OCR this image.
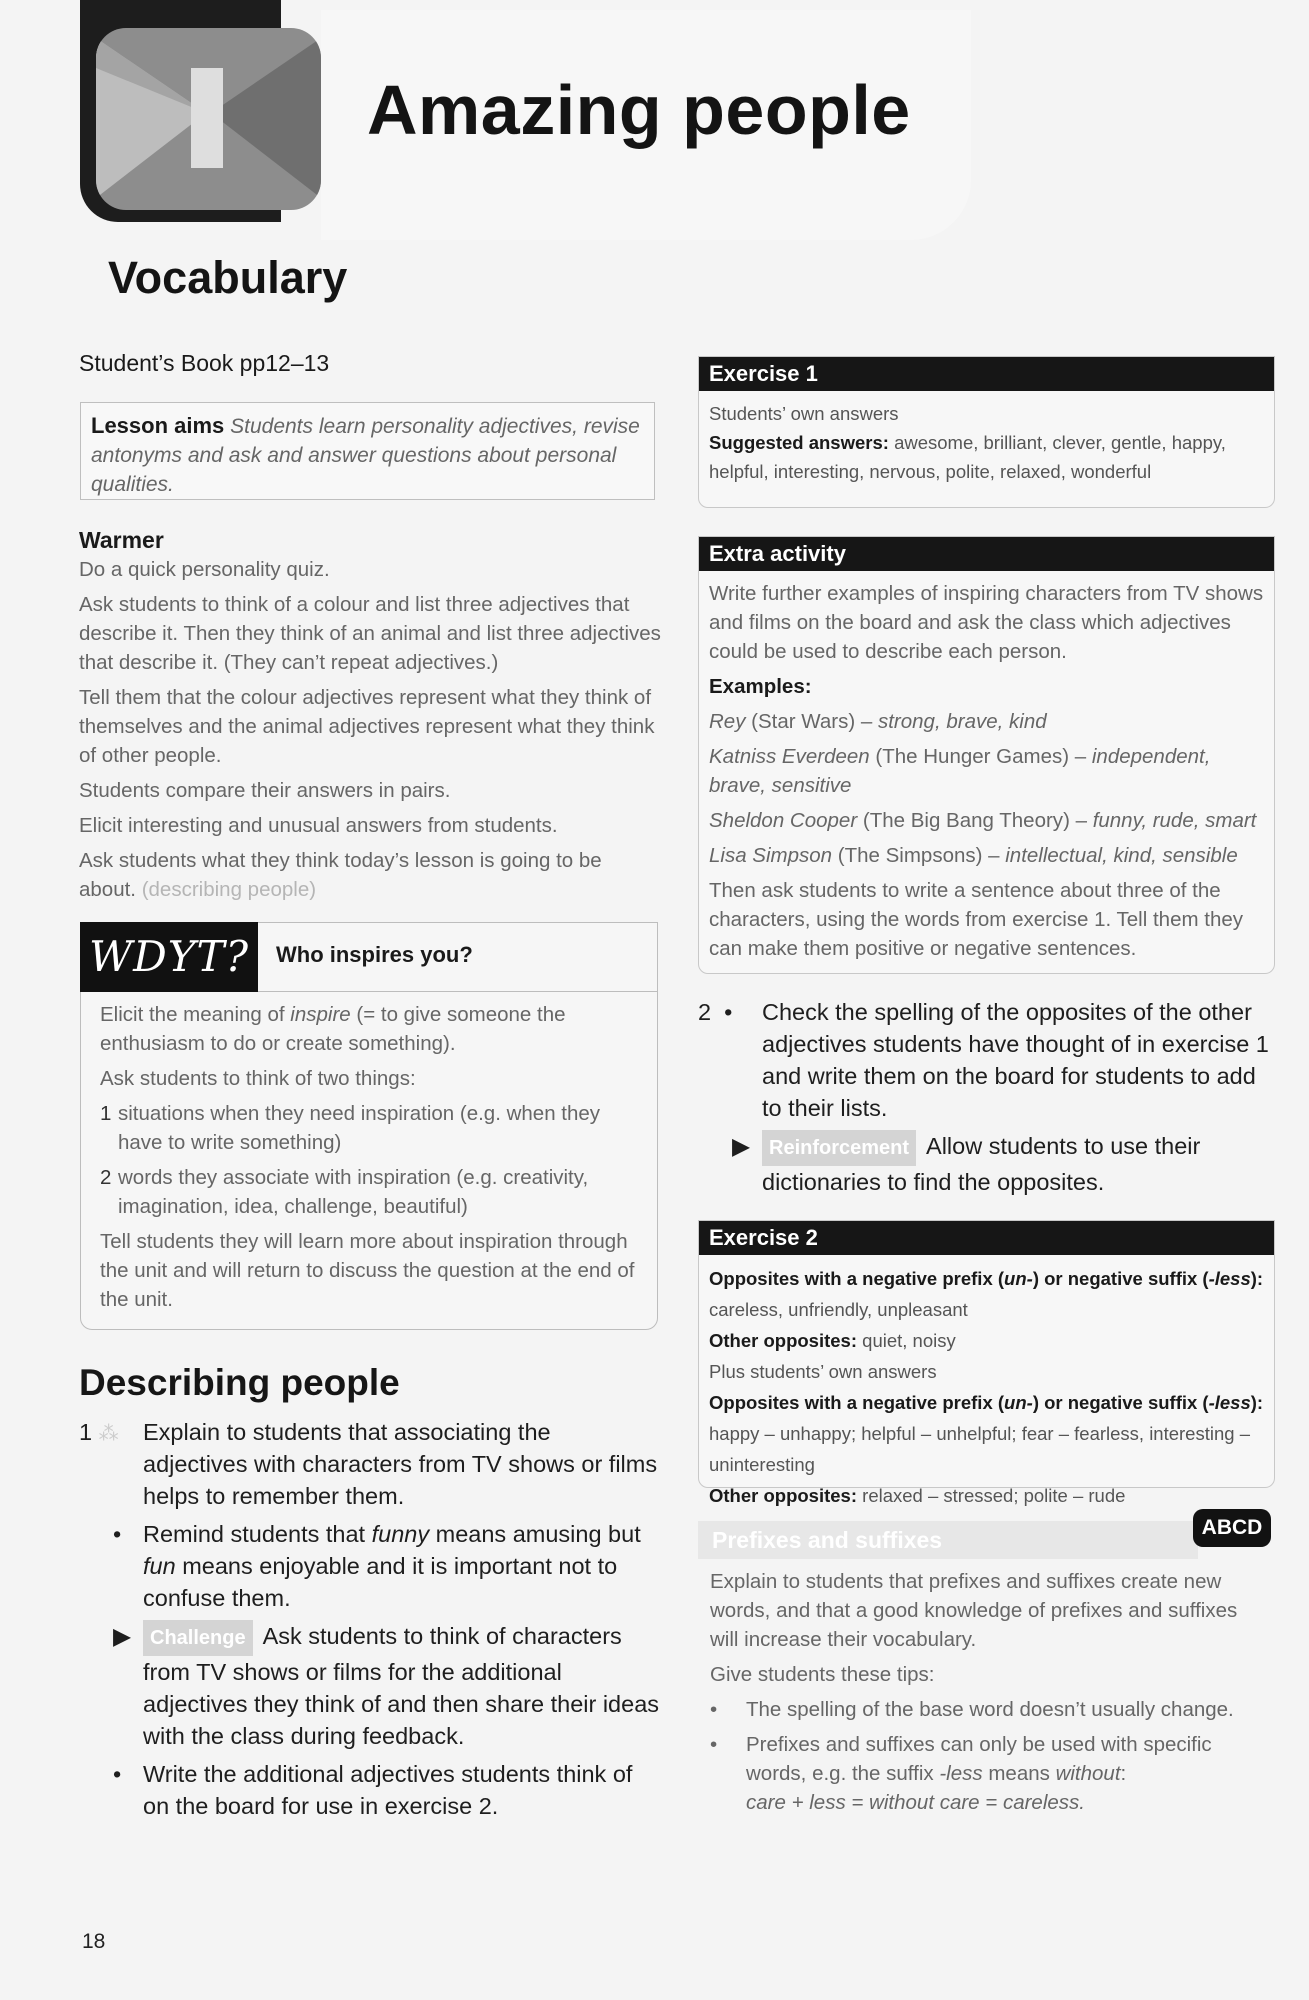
Amazing people
Vocabulary
Student’s Book pp12–13
Lesson aims Students learn personality adjectives, revise antonyms and ask and answer questions about personal qualities.
Warmer

Do a quick personality quiz.

Ask students to think of a colour and list three adjectives that describe it. Then they think of an animal and list three adjectives that describe it. (They can’t repeat adjectives.)

Tell them that the colour adjectives represent what they think of themselves and the animal adjectives represent what they think of other people.

Students compare their answers in pairs.

Elicit interesting and unusual answers from students.

Ask students what they think today’s lesson is going to be about. (describing people)

WDYT?	Who inspires you?

Elicit the meaning of inspire (= to give someone the enthusiasm to do or create something).

Ask students to think of two things:

1 situations when they need inspiration (e.g. when they have to write something)
2 words they associate with inspiration (e.g. creativity, imagination, idea, challenge, beautiful)

Tell students they will learn more about inspiration through the unit and will return to discuss the question at the end of the unit.

Describing people
1 ⁂	Explain to students that associating the adjectives with characters from TV shows or films helps to remember them.
• Remind students that funny means amusing but fun means enjoyable and it is important not to confuse them.
▶ Challenge Ask students to think of characters from TV shows or films for the additional adjectives they think of and then share their ideas with the class during feedback.
• Write the additional adjectives students think of on the board for use in exercise 2.
18
Exercise 1
Students’ own answers
Suggested answers: awesome, brilliant, clever, gentle, happy, helpful, interesting, nervous, polite, relaxed, wonderful
Extra activity

Write further examples of inspiring characters from TV shows and films on the board and ask the class which adjectives could be used to describe each person.

Examples:

Rey (Star Wars) – strong, brave, kind

Katniss Everdeen (The Hunger Games) – independent, brave, sensitive

Sheldon Cooper (The Big Bang Theory) – funny, rude, smart

Lisa Simpson (The Simpsons) – intellectual, kind, sensible

Then ask students to write a sentence about three of the characters, using the words from exercise 1. Tell them they can make them positive or negative sentences.

2  •	Check the spelling of the opposites of the other adjectives students have thought of in exercise 1 and write them on the board for students to add to their lists.
▶ Reinforcement Allow students to use their dictionaries to find the opposites.
Exercise 2
Opposites with a negative prefix (un-) or negative suffix (-less): careless, unfriendly, unpleasant
Other opposites: quiet, noisy
Plus students’ own answers
Opposites with a negative prefix (un-) or negative suffix (-less):
happy – unhappy; helpful – unhelpful; fear – fearless, interesting – uninteresting
Other opposites: relaxed – stressed; polite – rude
Prefixes and suffixes	ABCD

Explain to students that prefixes and suffixes create new words, and that a good knowledge of prefixes and suffixes will increase their vocabulary.

Give students these tips:

•	The spelling of the base word doesn’t usually change.
•	Prefixes and suffixes can only be used with specific words, e.g. the suffix -less means without:
care + less = without care = careless.
